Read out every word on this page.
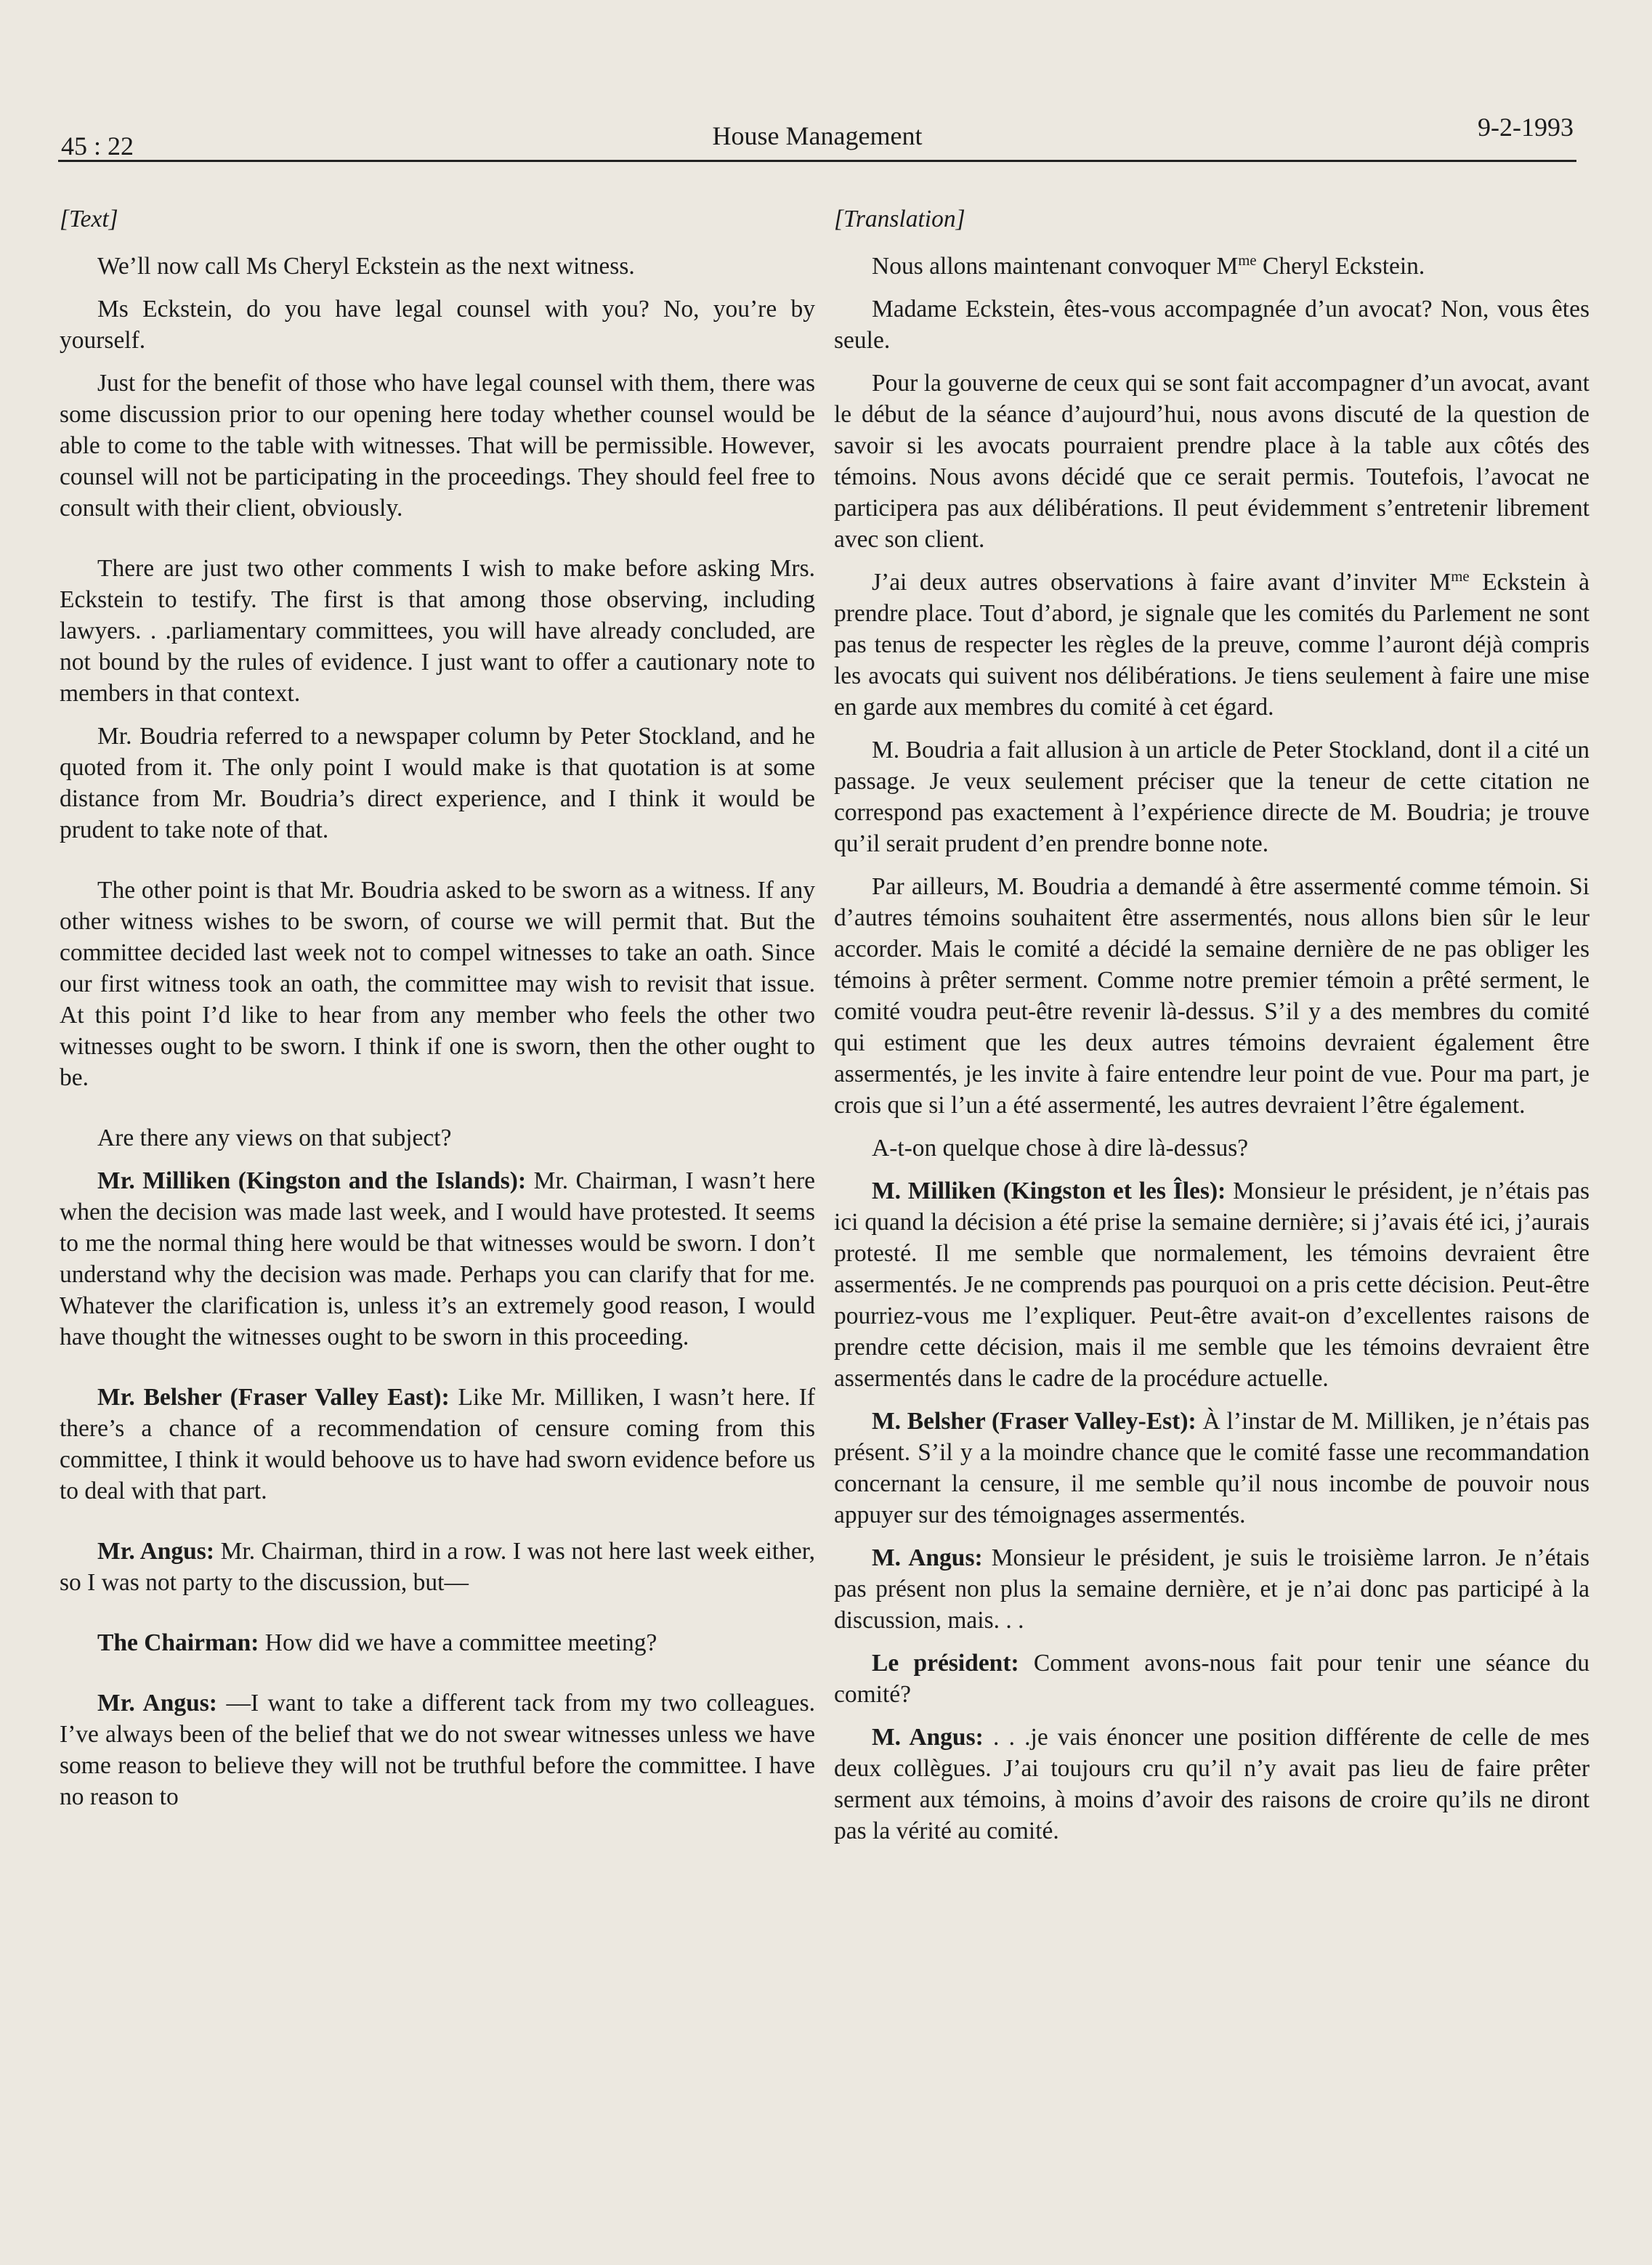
45 : 22	House Management	9-2-1993

[Text]

We’ll now call Ms Cheryl Eckstein as the next witness.

Ms Eckstein, do you have legal counsel with you? No, you’re by yourself.

Just for the benefit of those who have legal counsel with them, there was some discussion prior to our opening here today whether counsel would be able to come to the table with witnesses. That will be permissible. However, counsel will not be participating in the proceedings. They should feel free to consult with their client, obviously.

There are just two other comments I wish to make before asking Mrs. Eckstein to testify. The first is that among those observing, including lawyers. . .parliamentary committees, you will have already concluded, are not bound by the rules of evidence. I just want to offer a cautionary note to members in that context.

Mr. Boudria referred to a newspaper column by Peter Stockland, and he quoted from it. The only point I would make is that quotation is at some distance from Mr. Boudria’s direct experience, and I think it would be prudent to take note of that.

The other point is that Mr. Boudria asked to be sworn as a witness. If any other witness wishes to be sworn, of course we will permit that. But the committee decided last week not to compel witnesses to take an oath. Since our first witness took an oath, the committee may wish to revisit that issue. At this point I’d like to hear from any member who feels the other two witnesses ought to be sworn. I think if one is sworn, then the other ought to be.

Are there any views on that subject?

Mr. Milliken (Kingston and the Islands): Mr. Chairman, I wasn’t here when the decision was made last week, and I would have protested. It seems to me the normal thing here would be that witnesses would be sworn. I don’t understand why the decision was made. Perhaps you can clarify that for me. Whatever the clarification is, unless it’s an extremely good reason, I would have thought the witnesses ought to be sworn in this proceeding.

Mr. Belsher (Fraser Valley East): Like Mr. Milliken, I wasn’t here. If there’s a chance of a recommendation of censure coming from this committee, I think it would behoove us to have had sworn evidence before us to deal with that part.

Mr. Angus: Mr. Chairman, third in a row. I was not here last week either, so I was not party to the discussion, but—

The Chairman: How did we have a committee meeting?

Mr. Angus: —I want to take a different tack from my two colleagues. I’ve always been of the belief that we do not swear witnesses unless we have some reason to believe they will not be truthful before the committee. I have no reason to

[Translation]

Nous allons maintenant convoquer $M^{me}$ Cheryl Eckstein.

Madame Eckstein, êtes-vous accompagnée d’un avocat? Non, vous êtes seule.

Pour la gouverne de ceux qui se sont fait accompagner d’un avocat, avant le début de la séance d’aujourd’hui, nous avons discuté de la question de savoir si les avocats pourraient prendre place à la table aux côtés des témoins. Nous avons décidé que ce serait permis. Toutefois, l’avocat ne participera pas aux délibérations. Il peut évidemment s’entretenir librement avec son client.

J’ai deux autres observations à faire avant d’inviter $M^{me}$ Eckstein à prendre place. Tout d’abord, je signale que les comités du Parlement ne sont pas tenus de respecter les règles de la preuve, comme l’auront déjà compris les avocats qui suivent nos délibérations. Je tiens seulement à faire une mise en garde aux membres du comité à cet égard.

M. Boudria a fait allusion à un article de Peter Stockland, dont il a cité un passage. Je veux seulement préciser que la teneur de cette citation ne correspond pas exactement à l’expérience directe de M. Boudria; je trouve qu’il serait prudent d’en prendre bonne note.

Par ailleurs, M. Boudria a demandé à être assermenté comme témoin. Si d’autres témoins souhaitent être assermentés, nous allons bien sûr le leur accorder. Mais le comité a décidé la semaine dernière de ne pas obliger les témoins à prêter serment. Comme notre premier témoin a prêté serment, le comité voudra peut-être revenir là-dessus. S’il y a des membres du comité qui estiment que les deux autres témoins devraient également être assermentés, je les invite à faire entendre leur point de vue. Pour ma part, je crois que si l’un a été assermenté, les autres devraient l’être également.

A-t-on quelque chose à dire là-dessus?

M. Milliken (Kingston et les Îles): Monsieur le président, je n’étais pas ici quand la décision a été prise la semaine dernière; si j’avais été ici, j’aurais protesté. Il me semble que normalement, les témoins devraient être assermentés. Je ne comprends pas pourquoi on a pris cette décision. Peut-être pourriez-vous me l’expliquer. Peut-être avait-on d’excellentes raisons de prendre cette décision, mais il me semble que les témoins devraient être assermentés dans le cadre de la procédure actuelle.

M. Belsher (Fraser Valley-Est): À l’instar de M. Milliken, je n’étais pas présent. S’il y a la moindre chance que le comité fasse une recommandation concernant la censure, il me semble qu’il nous incombe de pouvoir nous appuyer sur des témoignages assermentés.

M. Angus: Monsieur le président, je suis le troisième larron. Je n’étais pas présent non plus la semaine dernière, et je n’ai donc pas participé à la discussion, mais. . .

Le président: Comment avons-nous fait pour tenir une séance du comité?

M. Angus: . . .je vais énoncer une position différente de celle de mes deux collègues. J’ai toujours cru qu’il n’y avait pas lieu de faire prêter serment aux témoins, à moins d’avoir des raisons de croire qu’ils ne diront pas la vérité au comité.
